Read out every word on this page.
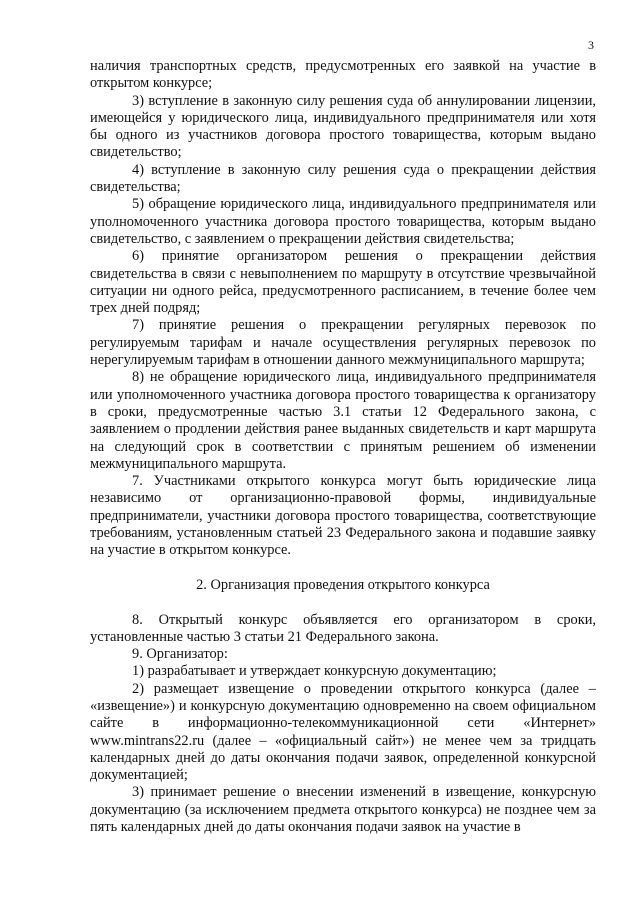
3

наличия транспортных средств, предусмотренных его заявкой на участие в открытом конкурсе;

3) вступление в законную силу решения суда об аннулировании лицензии, имеющейся у юридического лица, индивидуального предпринимателя или хотя бы одного из участников договора простого товарищества, которым выдано свидетельство;

4) вступление в законную силу решения суда о прекращении действия свидетельства;

5) обращение юридического лица, индивидуального предпринимателя или уполномоченного участника договора простого товарищества, которым выдано свидетельство, с заявлением о прекращении действия свидетельства;

6) принятие организатором решения о прекращении действия свидетельства в связи с невыполнением по маршруту в отсутствие чрезвычайной ситуации ни одного рейса, предусмотренного расписанием, в течение более чем трех дней подряд;

7) принятие решения о прекращении регулярных перевозок по регулируемым тарифам и начале осуществления регулярных перевозок по нерегулируемым тарифам в отношении данного межмуниципального маршрута;

8) не обращение юридического лица, индивидуального предпринимателя или уполномоченного участника договора простого товарищества к организатору в сроки, предусмотренные частью 3.1 статьи 12 Федерального закона, с заявлением о продлении действия ранее выданных свидетельств и карт маршрута на следующий срок в соответствии с принятым решением об изменении межмуниципального маршрута.

7. Участниками открытого конкурса могут быть юридические лица независимо от организационно-правовой формы, индивидуальные предприниматели, участники договора простого товарищества, соответствующие требованиям, установленным статьей 23 Федерального закона и подавшие заявку на участие в открытом конкурсе.

2. Организация проведения открытого конкурса

8. Открытый конкурс объявляется его организатором в сроки, установленные частью 3 статьи 21 Федерального закона.

9. Организатор:

1) разрабатывает и утверждает конкурсную документацию;

2) размещает извещение о проведении открытого конкурса (далее – «извещение») и конкурсную документацию одновременно на своем официальном сайте в информационно-телекоммуникационной сети «Интернет» www.mintrans22.ru (далее – «официальный сайт») не менее чем за тридцать календарных дней до даты окончания подачи заявок, определенной конкурсной документацией;

3) принимает решение о внесении изменений в извещение, конкурсную документацию (за исключением предмета открытого конкурса) не позднее чем за пять календарных дней до даты окончания подачи заявок на участие в
